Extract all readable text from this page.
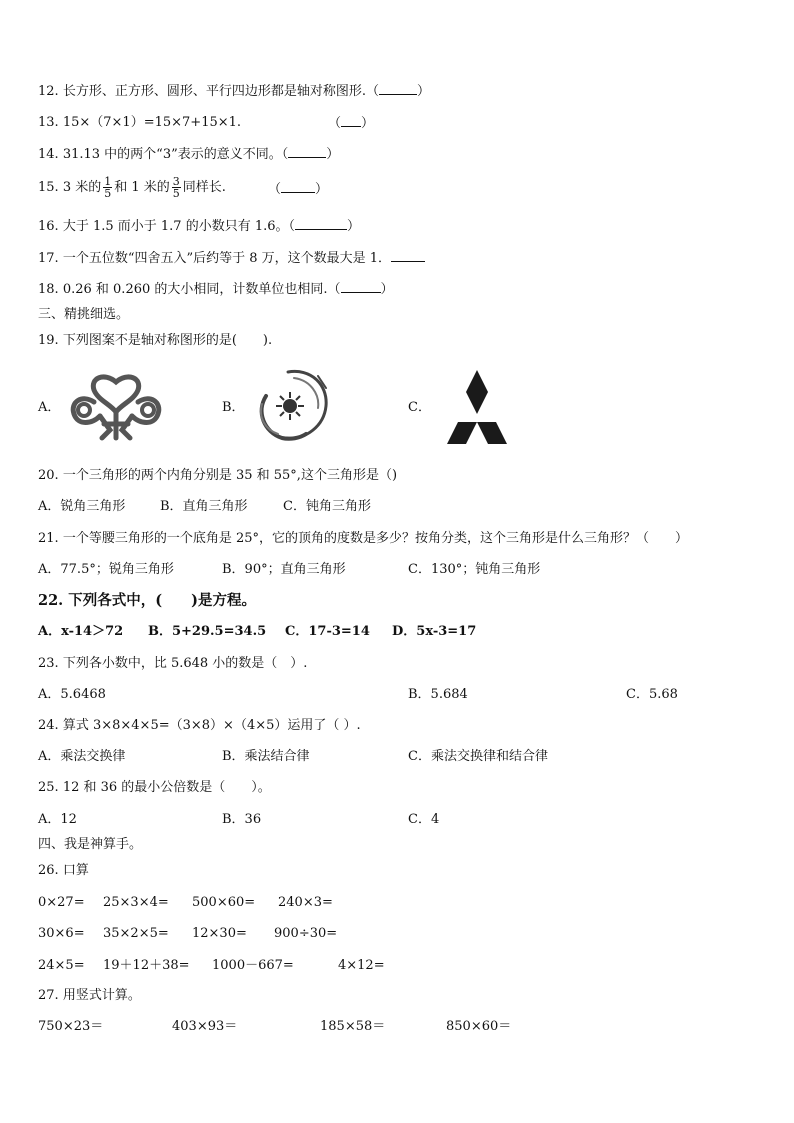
12. 长方形、正方形、圆形、平行四边形都是轴对称图形.（	）
13. 15×（7×1）=15×7+15×1.	（ ）
14. 31.13 中的两个“3”表示的意义不同。（	）
15. 3 米的 $\frac{1}{5}$ 和 1 米的 $\frac{3}{5}$ 同样长.	（	）
16. 大于 1.5 而小于 1.7 的小数只有 1.6。（	）
17. 一个五位数“四舍五入”后约等于 8 万，这个数最大是 1．
18. 0.26 和 0.260 的大小相同，计数单位也相同.（	）
三、精挑细选。
19. 下列图案不是轴对称图形的是(　　).
A．	B．	C．
20. 一个三角形的两个内角分别是 35 和 55°,这个三角形是（)
A．锐角三角形	B．直角三角形	C．钝角三角形
21. 一个等腰三角形的一个底角是 25°，它的顶角的度数是多少？按角分类，这个三角形是什么三角形？（　　）
A．77.5°；锐角三角形	B．90°；直角三角形	C．130°；钝角三角形
22. 下列各式中，(　　)是方程。
A．x-14＞72 B．5+29.5=34.5 C．17-3=14 D．5x-3=17
23. 下列各小数中，比 5.648 小的数是（　）.
A．5.6468	B．5.684	C．5.68
24. 算式 3×8×4×5=（3×8）×（4×5）运用了（ ）.
A．乘法交换律	B．乘法结合律	C．乘法交换律和结合律
25. 12 和 36 的最小公倍数是（　　）。
A．12	B．36	C．4
四、我是神算手。
26. 口算
0×27= 25×3×4= 500×60= 240×3=
30×6= 35×2×5= 12×30= 900÷30=
24×5= 19＋12＋38= 1000－667=	4×12=
27. 用竖式计算。
750×23＝	403×93＝	185×58＝	850×60＝
